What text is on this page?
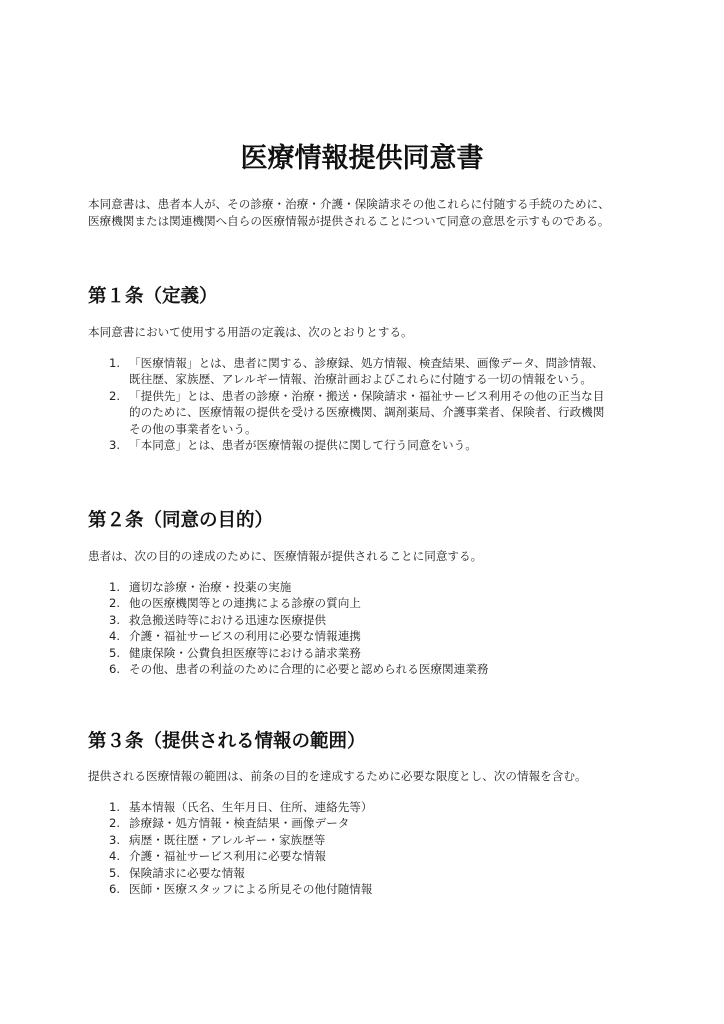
医療情報提供同意書

本同意書は、患者本人が、その診療・治療・介護・保険請求その他これらに付随する手続のために、

医療機関または関連機関へ自らの医療情報が提供されることについて同意の意思を示すものである。

第１条（定義）

本同意書において使用する用語の定義は、次のとおりとする。

1. 「医療情報」とは、患者に関する、診療録、処方情報、検査結果、画像データ、問診情報、
既往歴、家族歴、アレルギー情報、治療計画およびこれらに付随する一切の情報をいう。
2. 「提供先」とは、患者の診療・治療・搬送・保険請求・福祉サービス利用その他の正当な目
的のために、医療情報の提供を受ける医療機関、調剤薬局、介護事業者、保険者、行政機関
その他の事業者をいう。
3. 「本同意」とは、患者が医療情報の提供に関して行う同意をいう。
第２条（同意の目的）

患者は、次の目的の達成のために、医療情報が提供されることに同意する。

1. 適切な診療・治療・投薬の実施
2. 他の医療機関等との連携による診療の質向上
3. 救急搬送時等における迅速な医療提供
4. 介護・福祉サービスの利用に必要な情報連携
5. 健康保険・公費負担医療等における請求業務
6. その他、患者の利益のために合理的に必要と認められる医療関連業務
第３条（提供される情報の範囲）

提供される医療情報の範囲は、前条の目的を達成するために必要な限度とし、次の情報を含む。

1. 基本情報（氏名、生年月日、住所、連絡先等）
2. 診療録・処方情報・検査結果・画像データ
3. 病歴・既往歴・アレルギー・家族歴等
4. 介護・福祉サービス利用に必要な情報
5. 保険請求に必要な情報
6. 医師・医療スタッフによる所見その他付随情報
